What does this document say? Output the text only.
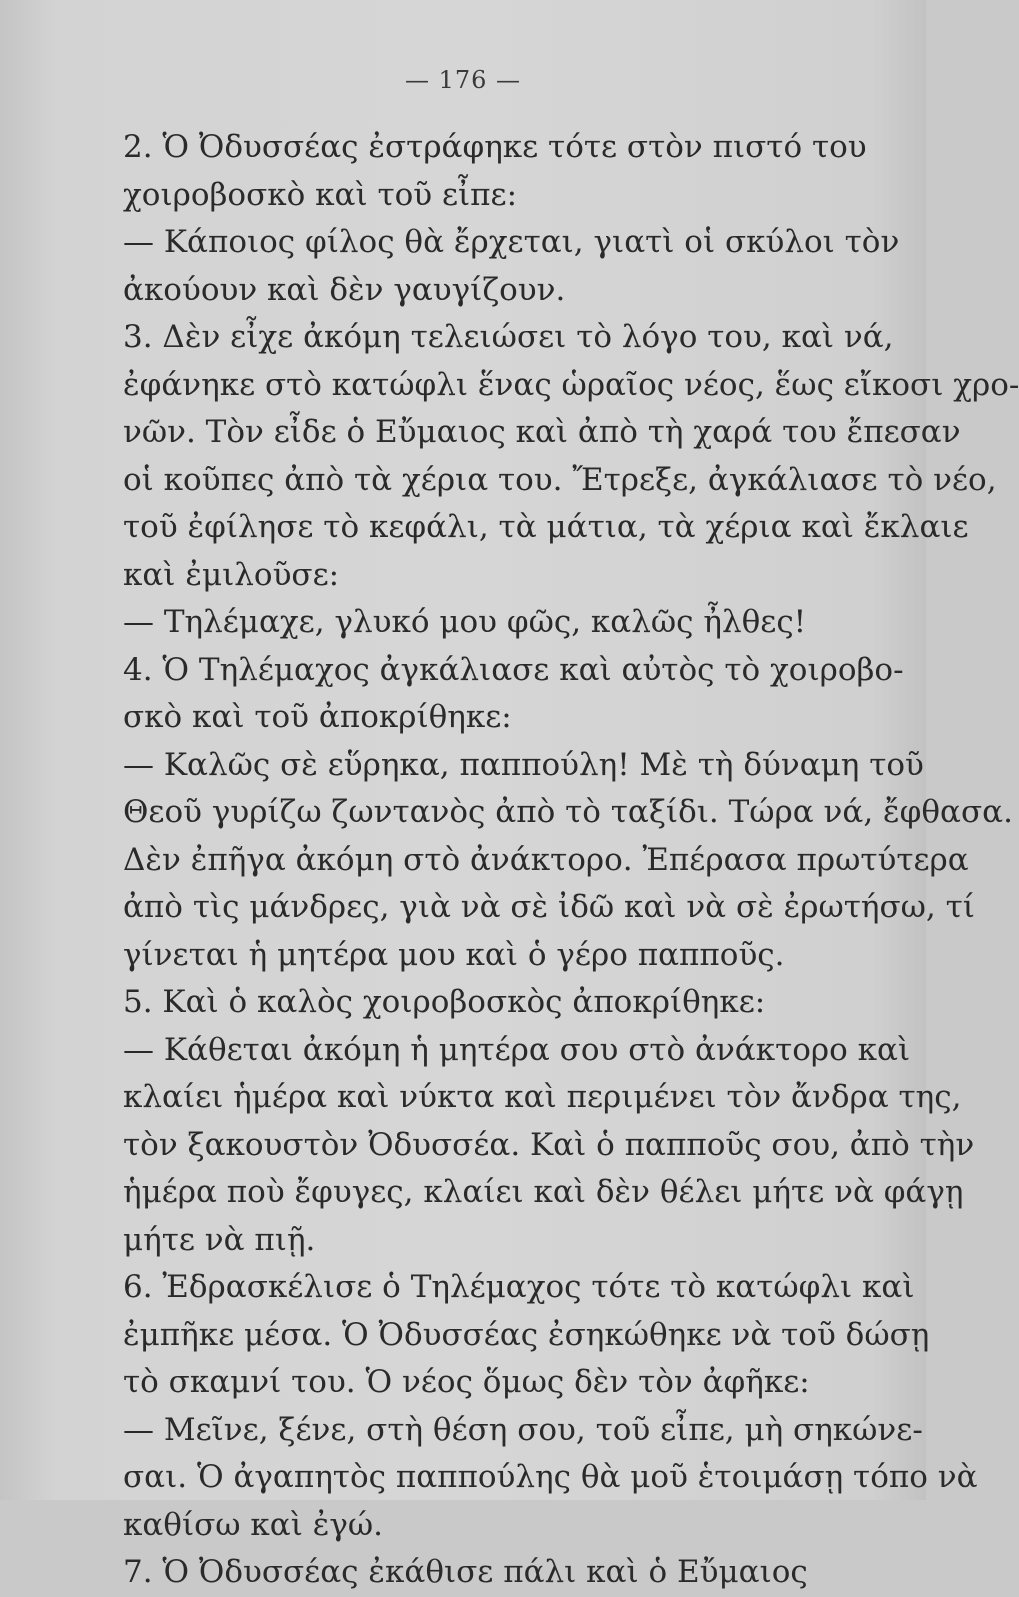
— 176 —
2. Ὁ Ὀδυσσέας ἐστράφηκε τότε στὸν πιστό του
χοιροβοσκὸ καὶ τοῦ εἶπε:
— Κάποιος φίλος θὰ ἔρχεται, γιατὶ οἱ σκύλοι τὸν
ἀκούουν καὶ δὲν γαυγίζουν.
3. Δὲν εἶχε ἀκόμη τελειώσει τὸ λόγο του, καὶ νά,
ἐφάνηκε στὸ κατώφλι ἕνας ὡραῖος νέος, ἕως εἴκοσι χρο-
νῶν. Τὸν εἶδε ὁ Εὔμαιος καὶ ἀπὸ τὴ χαρά του ἔπεσαν
οἱ κοῦπες ἀπὸ τὰ χέρια του. Ἔτρεξε, ἀγκάλιασε τὸ νέο,
τοῦ ἐφίλησε τὸ κεφάλι, τὰ μάτια, τὰ χέρια καὶ ἔκλαιε
καὶ ἐμιλοῦσε:
— Τηλέμαχε, γλυκό μου φῶς, καλῶς ἦλθες!
4. Ὁ Τηλέμαχος ἀγκάλιασε καὶ αὐτὸς τὸ χοιροβο-
σκὸ καὶ τοῦ ἀποκρίθηκε:
— Καλῶς σὲ εὕρηκα, παππούλη! Μὲ τὴ δύναμη τοῦ
Θεοῦ γυρίζω ζωντανὸς ἀπὸ τὸ ταξίδι. Τώρα νά, ἔφθασα.
Δὲν ἐπῆγα ἀκόμη στὸ ἀνάκτορο. Ἐπέρασα πρωτύτερα
ἀπὸ τὶς μάνδρες, γιὰ νὰ σὲ ἰδῶ καὶ νὰ σὲ ἐρωτήσω, τί
γίνεται ἡ μητέρα μου καὶ ὁ γέρο παπποῦς.
5. Καὶ ὁ καλὸς χοιροβοσκὸς ἀποκρίθηκε:
— Κάθεται ἀκόμη ἡ μητέρα σου στὸ ἀνάκτορο καὶ
κλαίει ἡμέρα καὶ νύκτα καὶ περιμένει τὸν ἄνδρα της,
τὸν ξακουστὸν Ὀδυσσέα. Καὶ ὁ παπποῦς σου, ἀπὸ τὴν
ἡμέρα ποὺ ἔφυγες, κλαίει καὶ δὲν θέλει μήτε νὰ φάγῃ
μήτε νὰ πιῇ.
6. Ἐδρασκέλισε ὁ Τηλέμαχος τότε τὸ κατώφλι καὶ
ἐμπῆκε μέσα. Ὁ Ὀδυσσέας ἐσηκώθηκε νὰ τοῦ δώσῃ
τὸ σκαμνί του. Ὁ νέος ὅμως δὲν τὸν ἀφῆκε:
— Μεῖνε, ξένε, στὴ θέση σου, τοῦ εἶπε, μὴ σηκώνε-
σαι. Ὁ ἀγαπητὸς παππούλης θὰ μοῦ ἑτοιμάσῃ τόπο νὰ
καθίσω καὶ ἐγώ.
7. Ὁ Ὀδυσσέας ἐκάθισε πάλι καὶ ὁ Εὔμαιος
